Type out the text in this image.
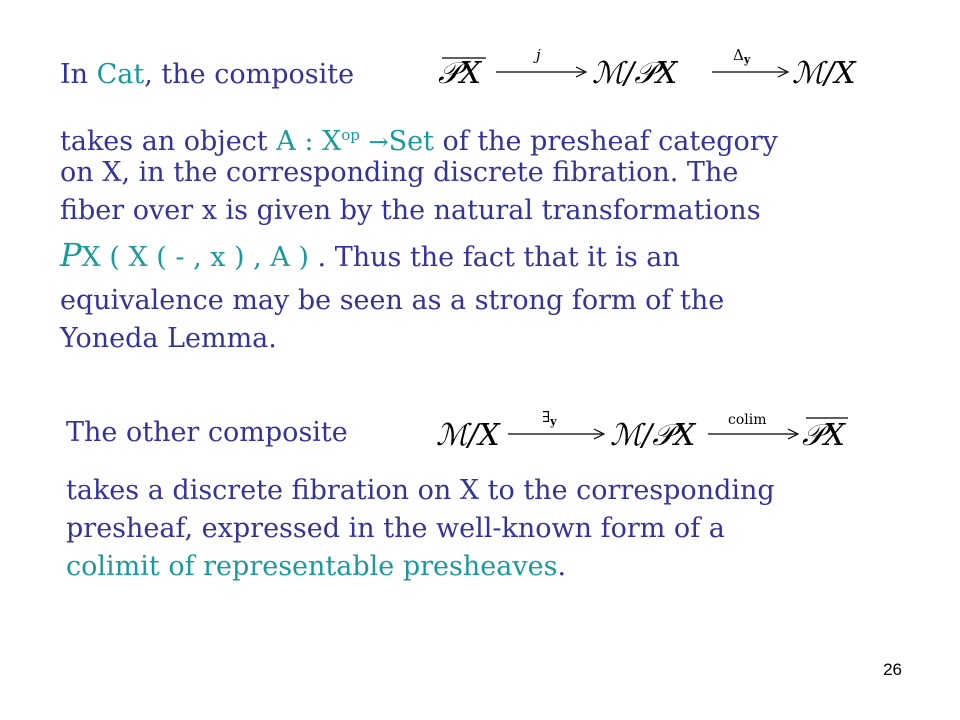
In Cat, the composite	𝒫X
j
ℳ/𝒫X
$\Delta_y$ ℳ/X
takes an object A : $X^{op} \to Set$ of the presheaf category
on X, in the corresponding discrete fibration. The
fiber over x is given by the natural transformations
PX ( X ( - , x ) , A ) . Thus the fact that it is an
equivalence may be seen as a strong form of the
Yoneda Lemma.
The other composite	ℳ/X
$\exists_y$ ℳ/𝒫X colim 𝒫X
takes a discrete fibration on X to the corresponding
presheaf, expressed in the well-known form of a
colimit of representable presheaves.
26
